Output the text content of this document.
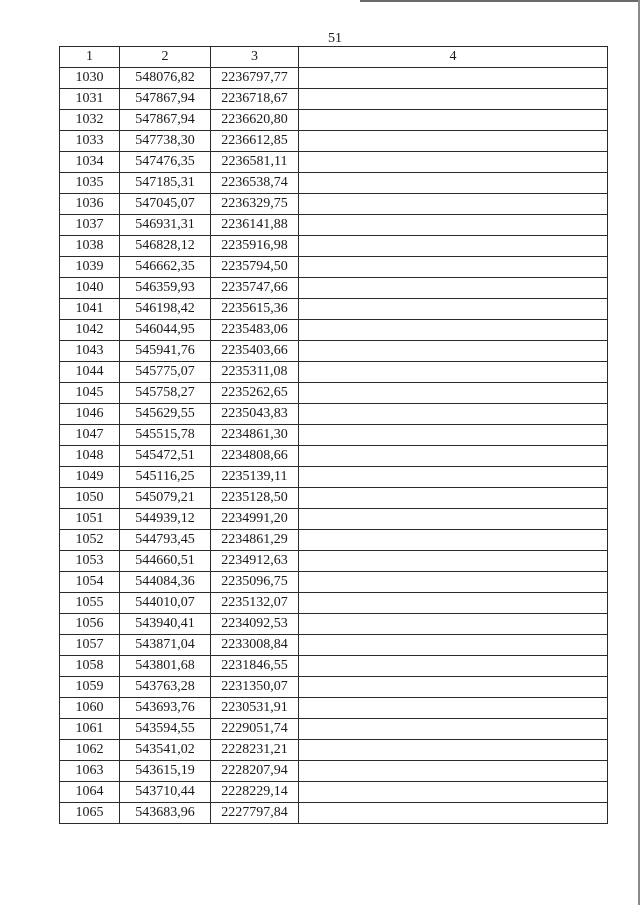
51
1	2	3	4
1030	548076,82	2236797,77	
1031	547867,94	2236718,67	
1032	547867,94	2236620,80	
1033	547738,30	2236612,85	
1034	547476,35	2236581,11	
1035	547185,31	2236538,74	
1036	547045,07	2236329,75	
1037	546931,31	2236141,88	
1038	546828,12	2235916,98	
1039	546662,35	2235794,50	
1040	546359,93	2235747,66	
1041	546198,42	2235615,36	
1042	546044,95	2235483,06	
1043	545941,76	2235403,66	
1044	545775,07	2235311,08	
1045	545758,27	2235262,65	
1046	545629,55	2235043,83	
1047	545515,78	2234861,30	
1048	545472,51	2234808,66	
1049	545116,25	2235139,11	
1050	545079,21	2235128,50	
1051	544939,12	2234991,20	
1052	544793,45	2234861,29	
1053	544660,51	2234912,63	
1054	544084,36	2235096,75	
1055	544010,07	2235132,07	
1056	543940,41	2234092,53	
1057	543871,04	2233008,84	
1058	543801,68	2231846,55	
1059	543763,28	2231350,07	
1060	543693,76	2230531,91	
1061	543594,55	2229051,74	
1062	543541,02	2228231,21	
1063	543615,19	2228207,94	
1064	543710,44	2228229,14	
1065	543683,96	2227797,84	
